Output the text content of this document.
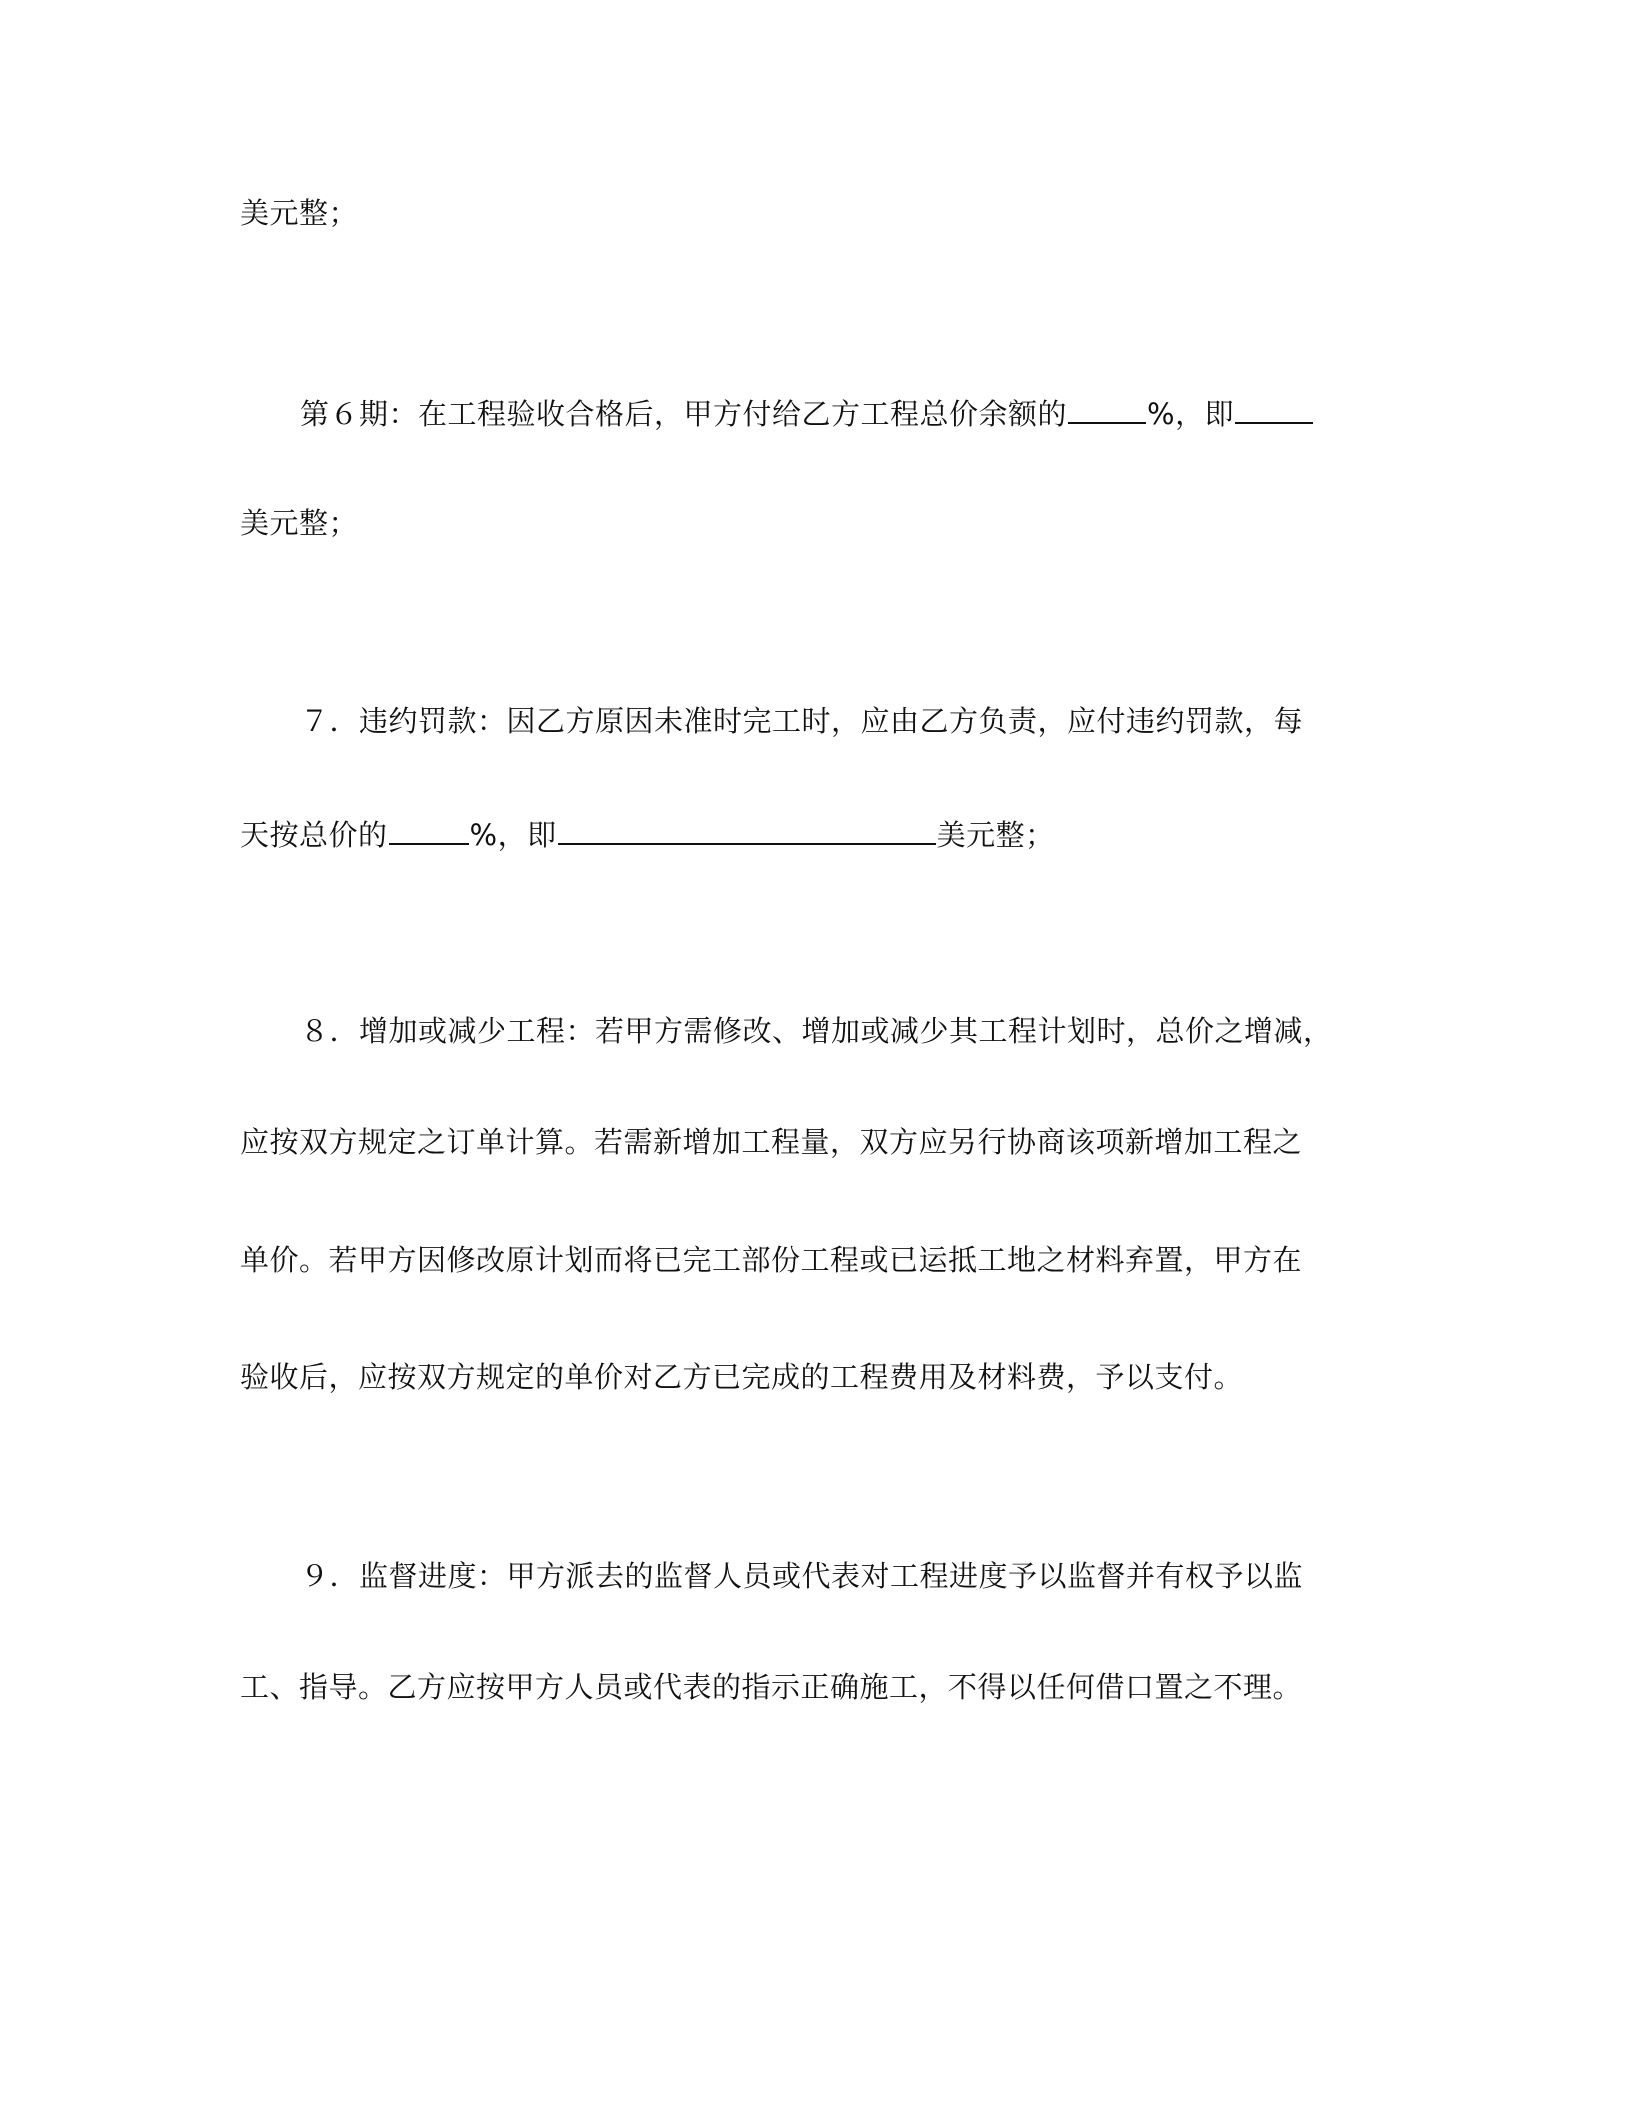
美元整；
第６期：在工程验收合格后，甲方付给乙方工程总价余额的	%，即
美元整；
７．违约罚款：因乙方原因未准时完工时，应由乙方负责，应付违约罚款，每
天按总价的	%，即	美元整；
８．增加或减少工程：若甲方需修改、增加或减少其工程计划时，总价之增减，
应按双方规定之订单计算。若需新增加工程量，双方应另行协商该项新增加工程之
单价。若甲方因修改原计划而将已完工部份工程或已运抵工地之材料弃置，甲方在
验收后，应按双方规定的单价对乙方已完成的工程费用及材料费，予以支付。
９．监督进度：甲方派去的监督人员或代表对工程进度予以监督并有权予以监
工、指导。乙方应按甲方人员或代表的指示正确施工，不得以任何借口置之不理。
